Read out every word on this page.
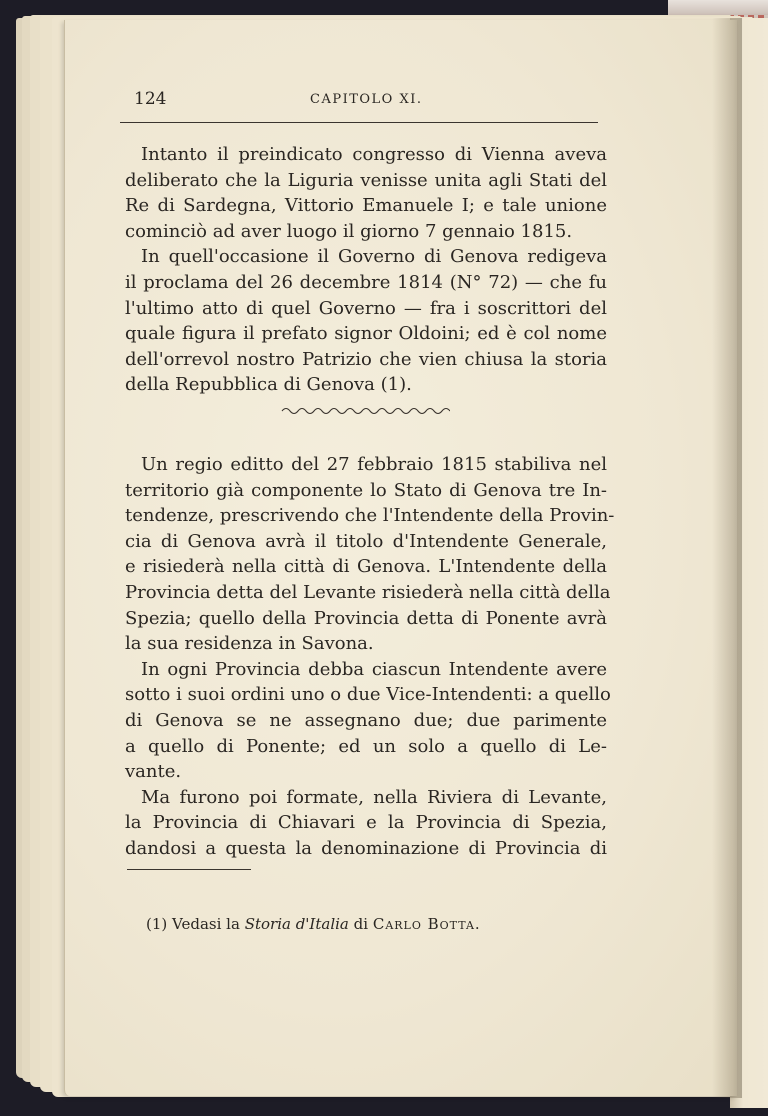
124	CAPITOLO XI.
Intanto il preindicato congresso di Vienna aveva
deliberato che la Liguria venisse unita agli Stati del
Re di Sardegna, Vittorio Emanuele I; e tale unione
cominciò ad aver luogo il giorno 7 gennaio 1815.
In quell'occasione il Governo di Genova redigeva
il proclama del 26 decembre 1814 (N° 72) — che fu
l'ultimo atto di quel Governo — fra i soscrittori del
quale figura il prefato signor Oldoini; ed è col nome
dell'orrevol nostro Patrizio che vien chiusa la storia
della Repubblica di Genova (1).
Un regio editto del 27 febbraio 1815 stabiliva nel
territorio già componente lo Stato di Genova tre In-
tendenze, prescrivendo che l'Intendente della Provin-
cia di Genova avrà il titolo d'Intendente Generale,
e risiederà nella città di Genova. L'Intendente della
Provincia detta del Levante risiederà nella città della
Spezia; quello della Provincia detta di Ponente avrà
la sua residenza in Savona.
In ogni Provincia debba ciascun Intendente avere
sotto i suoi ordini uno o due Vice-Intendenti: a quello
di Genova se ne assegnano due; due parimente
a quello di Ponente; ed un solo a quello di Le-
vante.
Ma furono poi formate, nella Riviera di Levante,
la Provincia di Chiavari e la Provincia di Spezia,
dandosi a questa la denominazione di Provincia di
(1) Vedasi la Storia d'Italia di Carlo Botta.
